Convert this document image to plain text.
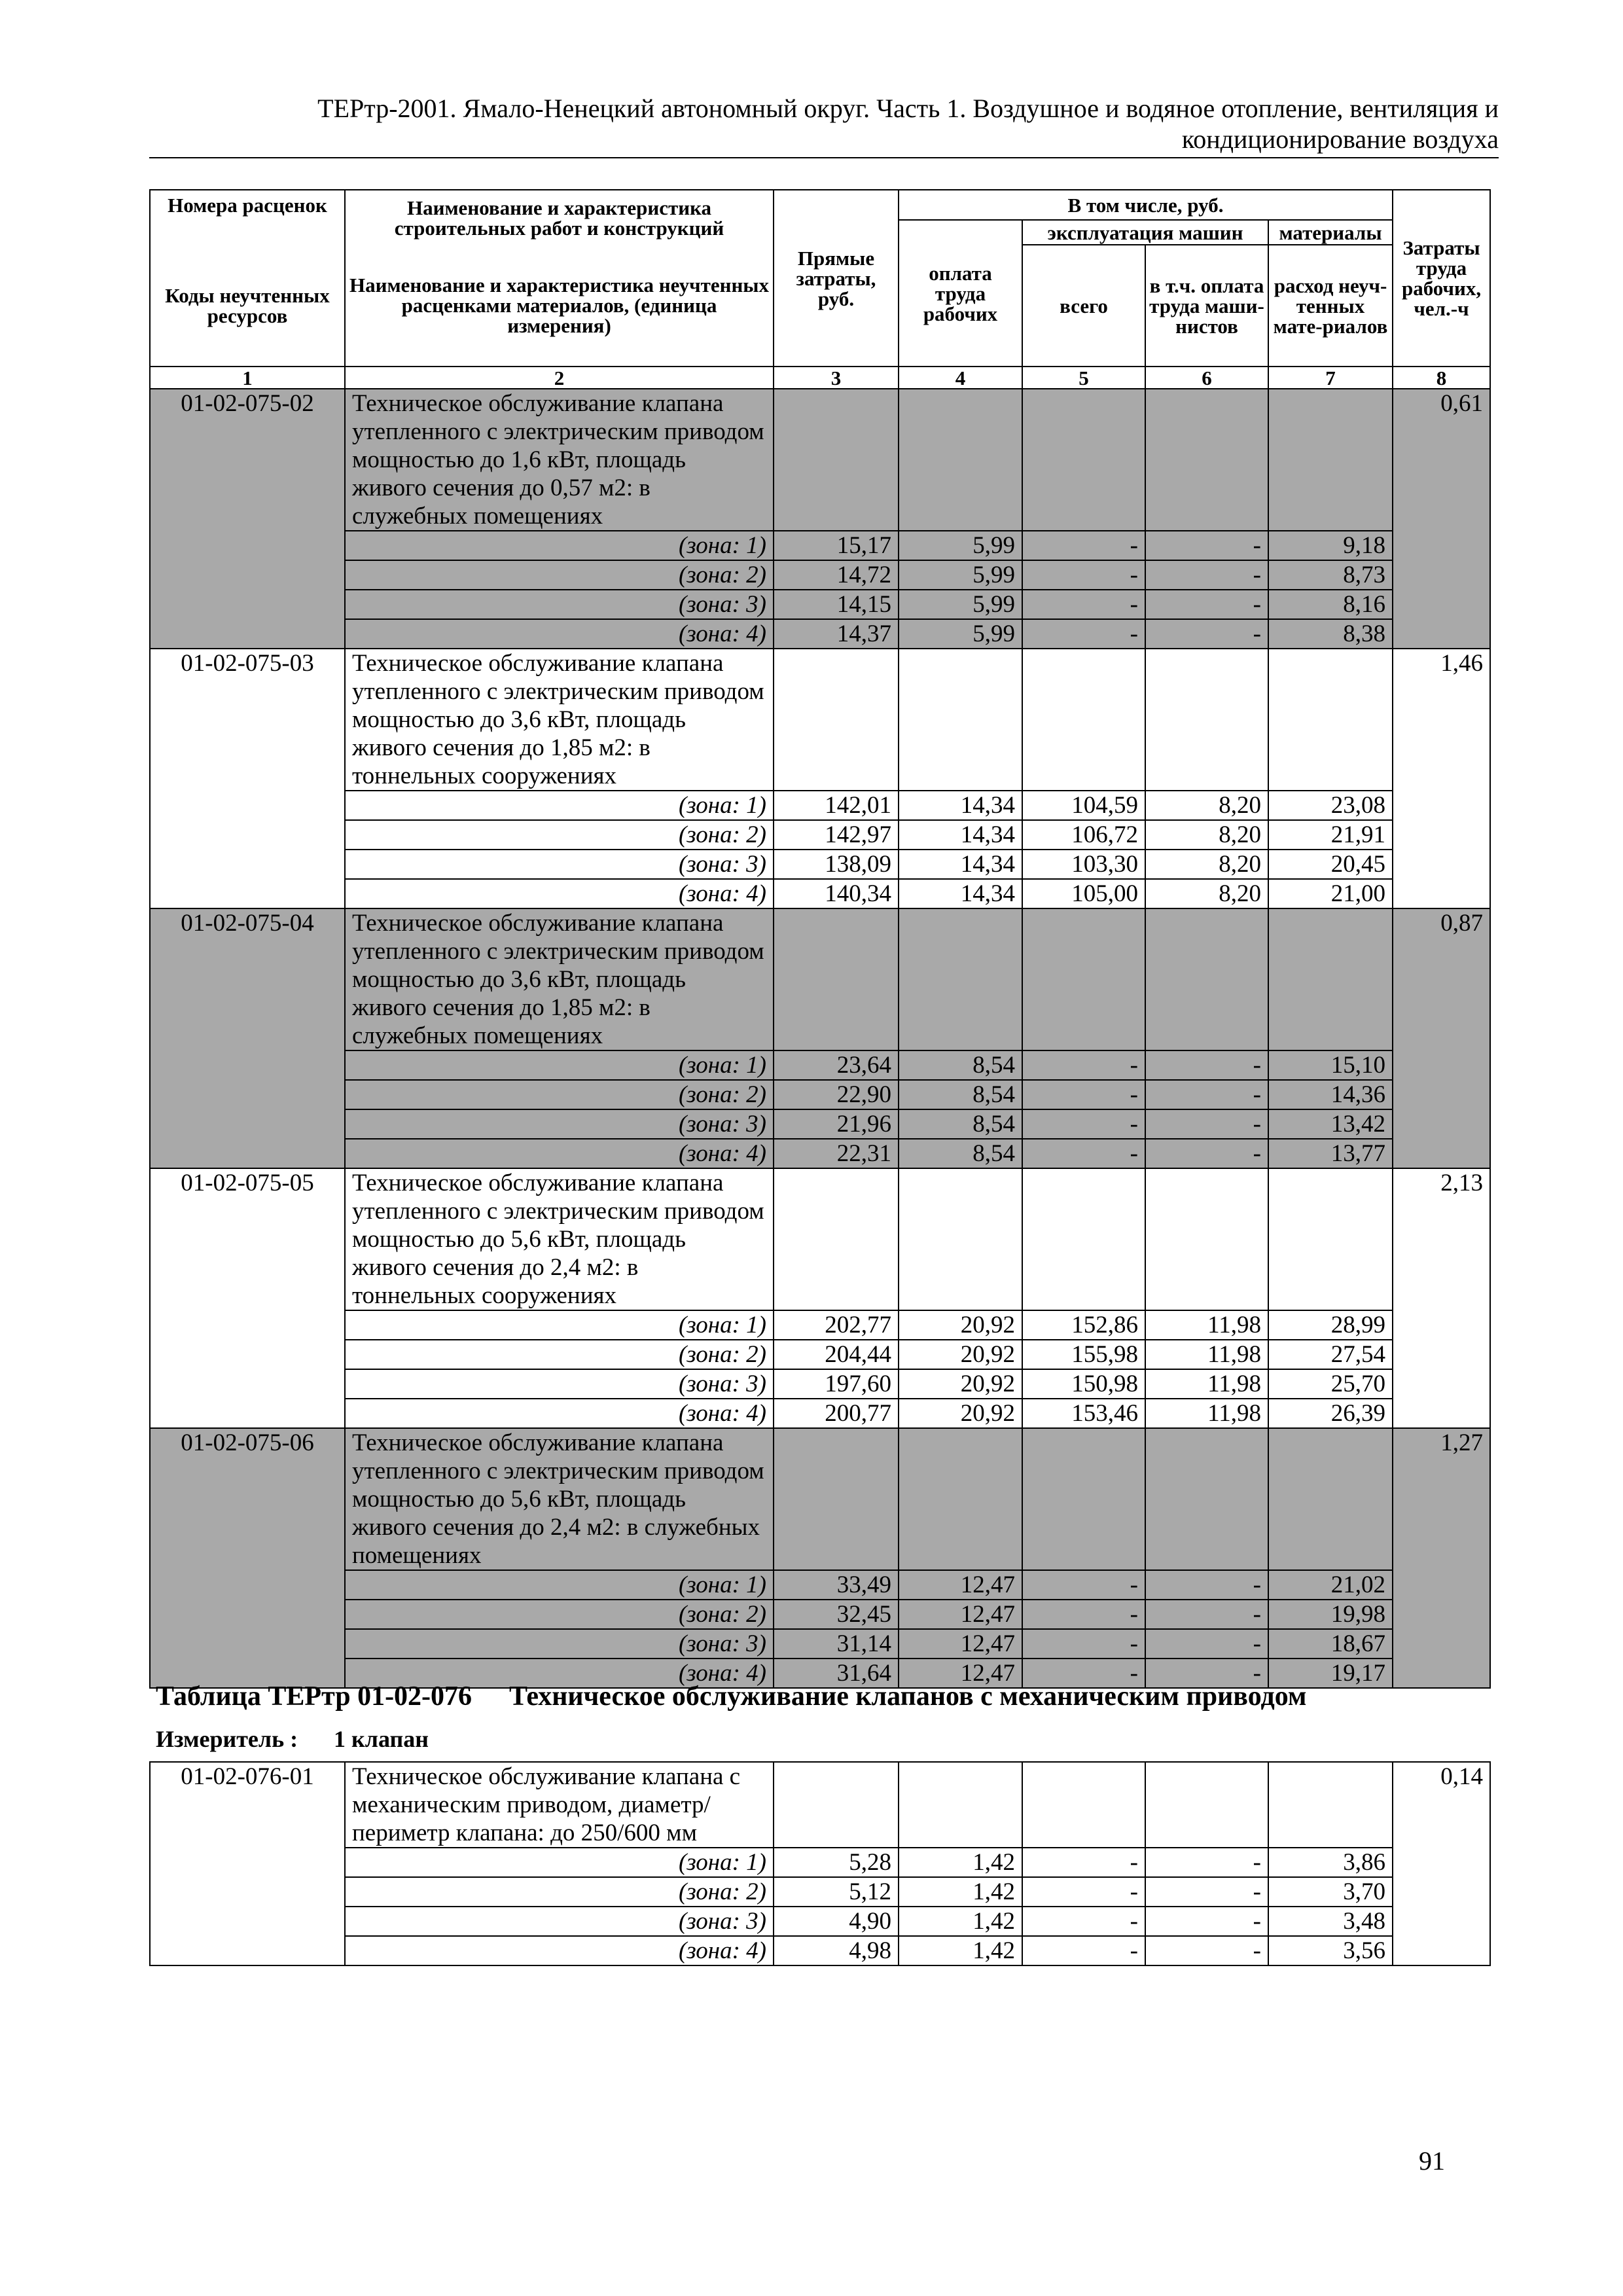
ТЕРтр-2001. Ямало-Ненецкий автономный округ. Часть 1. Воздушное и водяное отопление, вентиляция и
кондиционирование воздуха
Номера расценок	Наименование и характеристика строительных работ и конструкций	Прямые затраты, руб.	В том числе, руб.				Затраты труда рабочих, чел.-ч
			оплата труда рабочих	эксплуатация машин		материалы	
Коды неучтенных ресурсов	Наименование и характеристика неучтенных расценками материалов, (единица измерения)			всего	в т.ч. оплата труда маши-нистов	расход неуч-тенных мате-риалов	

1	2	3	4	5	6	7	8
01-02-075-02	Техническое обслуживание клапана утепленного с электрическим приводом мощностью до 1,6 кВт, площадь живого сечения до 0,57 м2: в служебных помещениях						0,61
	(зона: 1)	15,17	5,99	-	-	9,18	
	(зона: 2)	14,72	5,99	-	-	8,73	
	(зона: 3)	14,15	5,99	-	-	8,16	
	(зона: 4)	14,37	5,99	-	-	8,38	
01-02-075-03	Техническое обслуживание клапана утепленного с электрическим приводом мощностью до 3,6 кВт, площадь живого сечения до 1,85 м2: в тоннельных сооружениях						1,46
	(зона: 1)	142,01	14,34	104,59	8,20	23,08	
	(зона: 2)	142,97	14,34	106,72	8,20	21,91	
	(зона: 3)	138,09	14,34	103,30	8,20	20,45	
	(зона: 4)	140,34	14,34	105,00	8,20	21,00	
01-02-075-04	Техническое обслуживание клапана утепленного с электрическим приводом мощностью до 3,6 кВт, площадь живого сечения до 1,85 м2: в служебных помещениях						0,87
	(зона: 1)	23,64	8,54	-	-	15,10	
	(зона: 2)	22,90	8,54	-	-	14,36	
	(зона: 3)	21,96	8,54	-	-	13,42	
	(зона: 4)	22,31	8,54	-	-	13,77	
01-02-075-05	Техническое обслуживание клапана утепленного с электрическим приводом мощностью до 5,6 кВт, площадь живого сечения до 2,4 м2: в тоннельных сооружениях						2,13
	(зона: 1)	202,77	20,92	152,86	11,98	28,99	
	(зона: 2)	204,44	20,92	155,98	11,98	27,54	
	(зона: 3)	197,60	20,92	150,98	11,98	25,70	
	(зона: 4)	200,77	20,92	153,46	11,98	26,39	
01-02-075-06	Техническое обслуживание клапана утепленного с электрическим приводом мощностью до 5,6 кВт, площадь живого сечения до 2,4 м2: в служебных помещениях						1,27
	(зона: 1)	33,49	12,47	-	-	21,02	
	(зона: 2)	32,45	12,47	-	-	19,98	
	(зона: 3)	31,14	12,47	-	-	18,67	
	(зона: 4)	31,64	12,47	-	-	19,17	
Таблица ТЕРтр 01-02-076 Техническое обслуживание клапанов с механическим приводом
Измеритель : 1 клапан
01-02-076-01	Техническое обслуживание клапана с механическим приводом, диаметр/периметр клапана: до 250/600 мм						0,14
	(зона: 1)	5,28	1,42	-	-	3,86	
	(зона: 2)	5,12	1,42	-	-	3,70	
	(зона: 3)	4,90	1,42	-	-	3,48	
	(зона: 4)	4,98	1,42	-	-	3,56	
91
